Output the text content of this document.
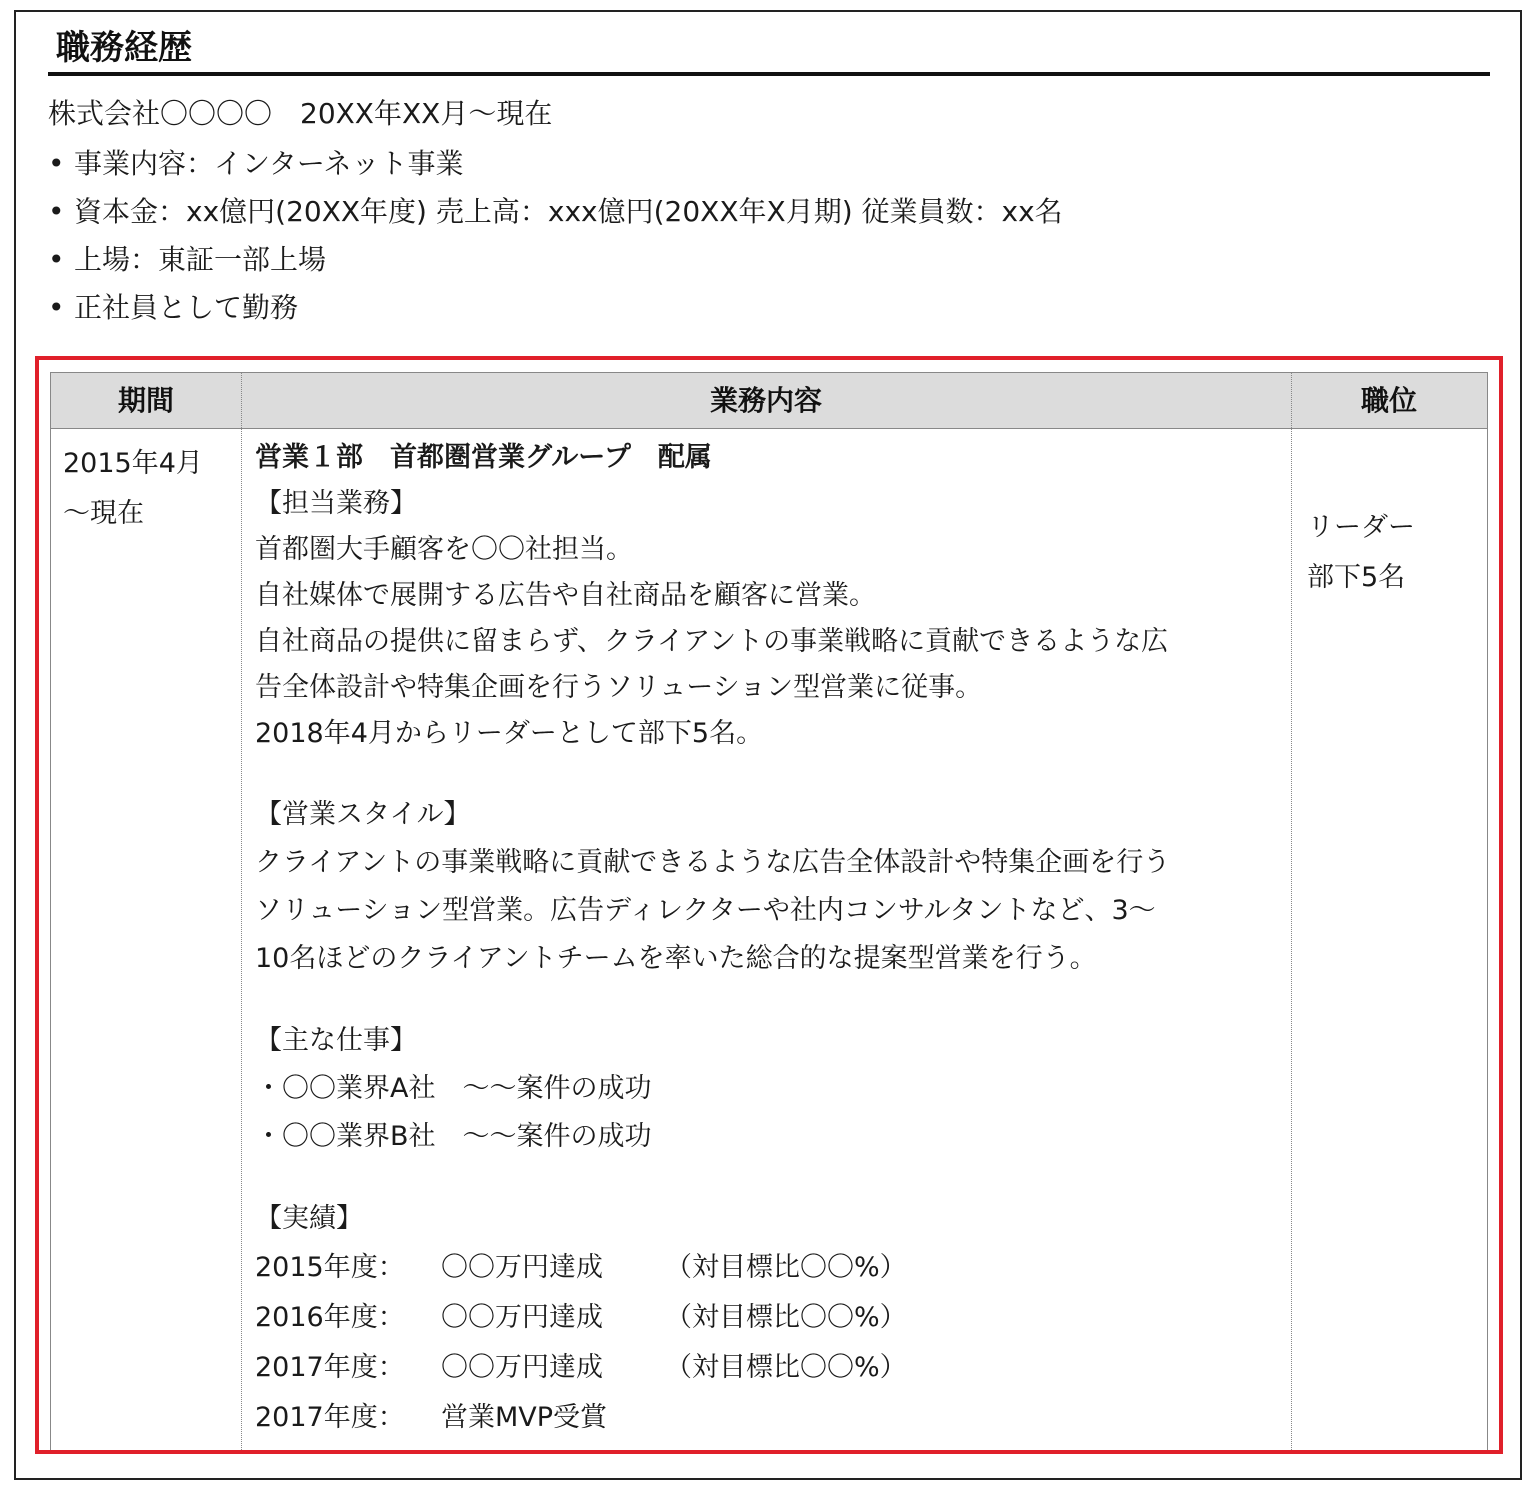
職務経歴
株式会社〇〇〇〇　20XX年XX月〜現在
• 事業内容：インターネット事業
• 資本金：xx億円(20XX年度) 売上高：xxx億円(20XX年X月期) 従業員数：xx名
• 上場：東証一部上場
• 正社員として勤務
期間	業務内容	職位
2015年4月
〜現在
営業１部　首都圏営業グループ　配属
【担当業務】
首都圏大手顧客を〇〇社担当。
自社媒体で展開する広告や自社商品を顧客に営業。
自社商品の提供に留まらず、クライアントの事業戦略に貢献できるような広
告全体設計や特集企画を行うソリューション型営業に従事。
2018年4月からリーダーとして部下5名。
【営業スタイル】
クライアントの事業戦略に貢献できるような広告全体設計や特集企画を行う
ソリューション型営業。広告ディレクターや社内コンサルタントなど、3〜
10名ほどのクライアントチームを率いた総合的な提案型営業を行う。
【主な仕事】
・〇〇業界A社　〜〜案件の成功
・〇〇業界B社　〜〜案件の成功
【実績】
2015年度： 〇〇万円達成 （対目標比〇〇%）
2016年度： 〇〇万円達成 （対目標比〇〇%）
2017年度： 〇〇万円達成 （対目標比〇〇%）
2017年度： 営業MVP受賞
リーダー
部下5名
